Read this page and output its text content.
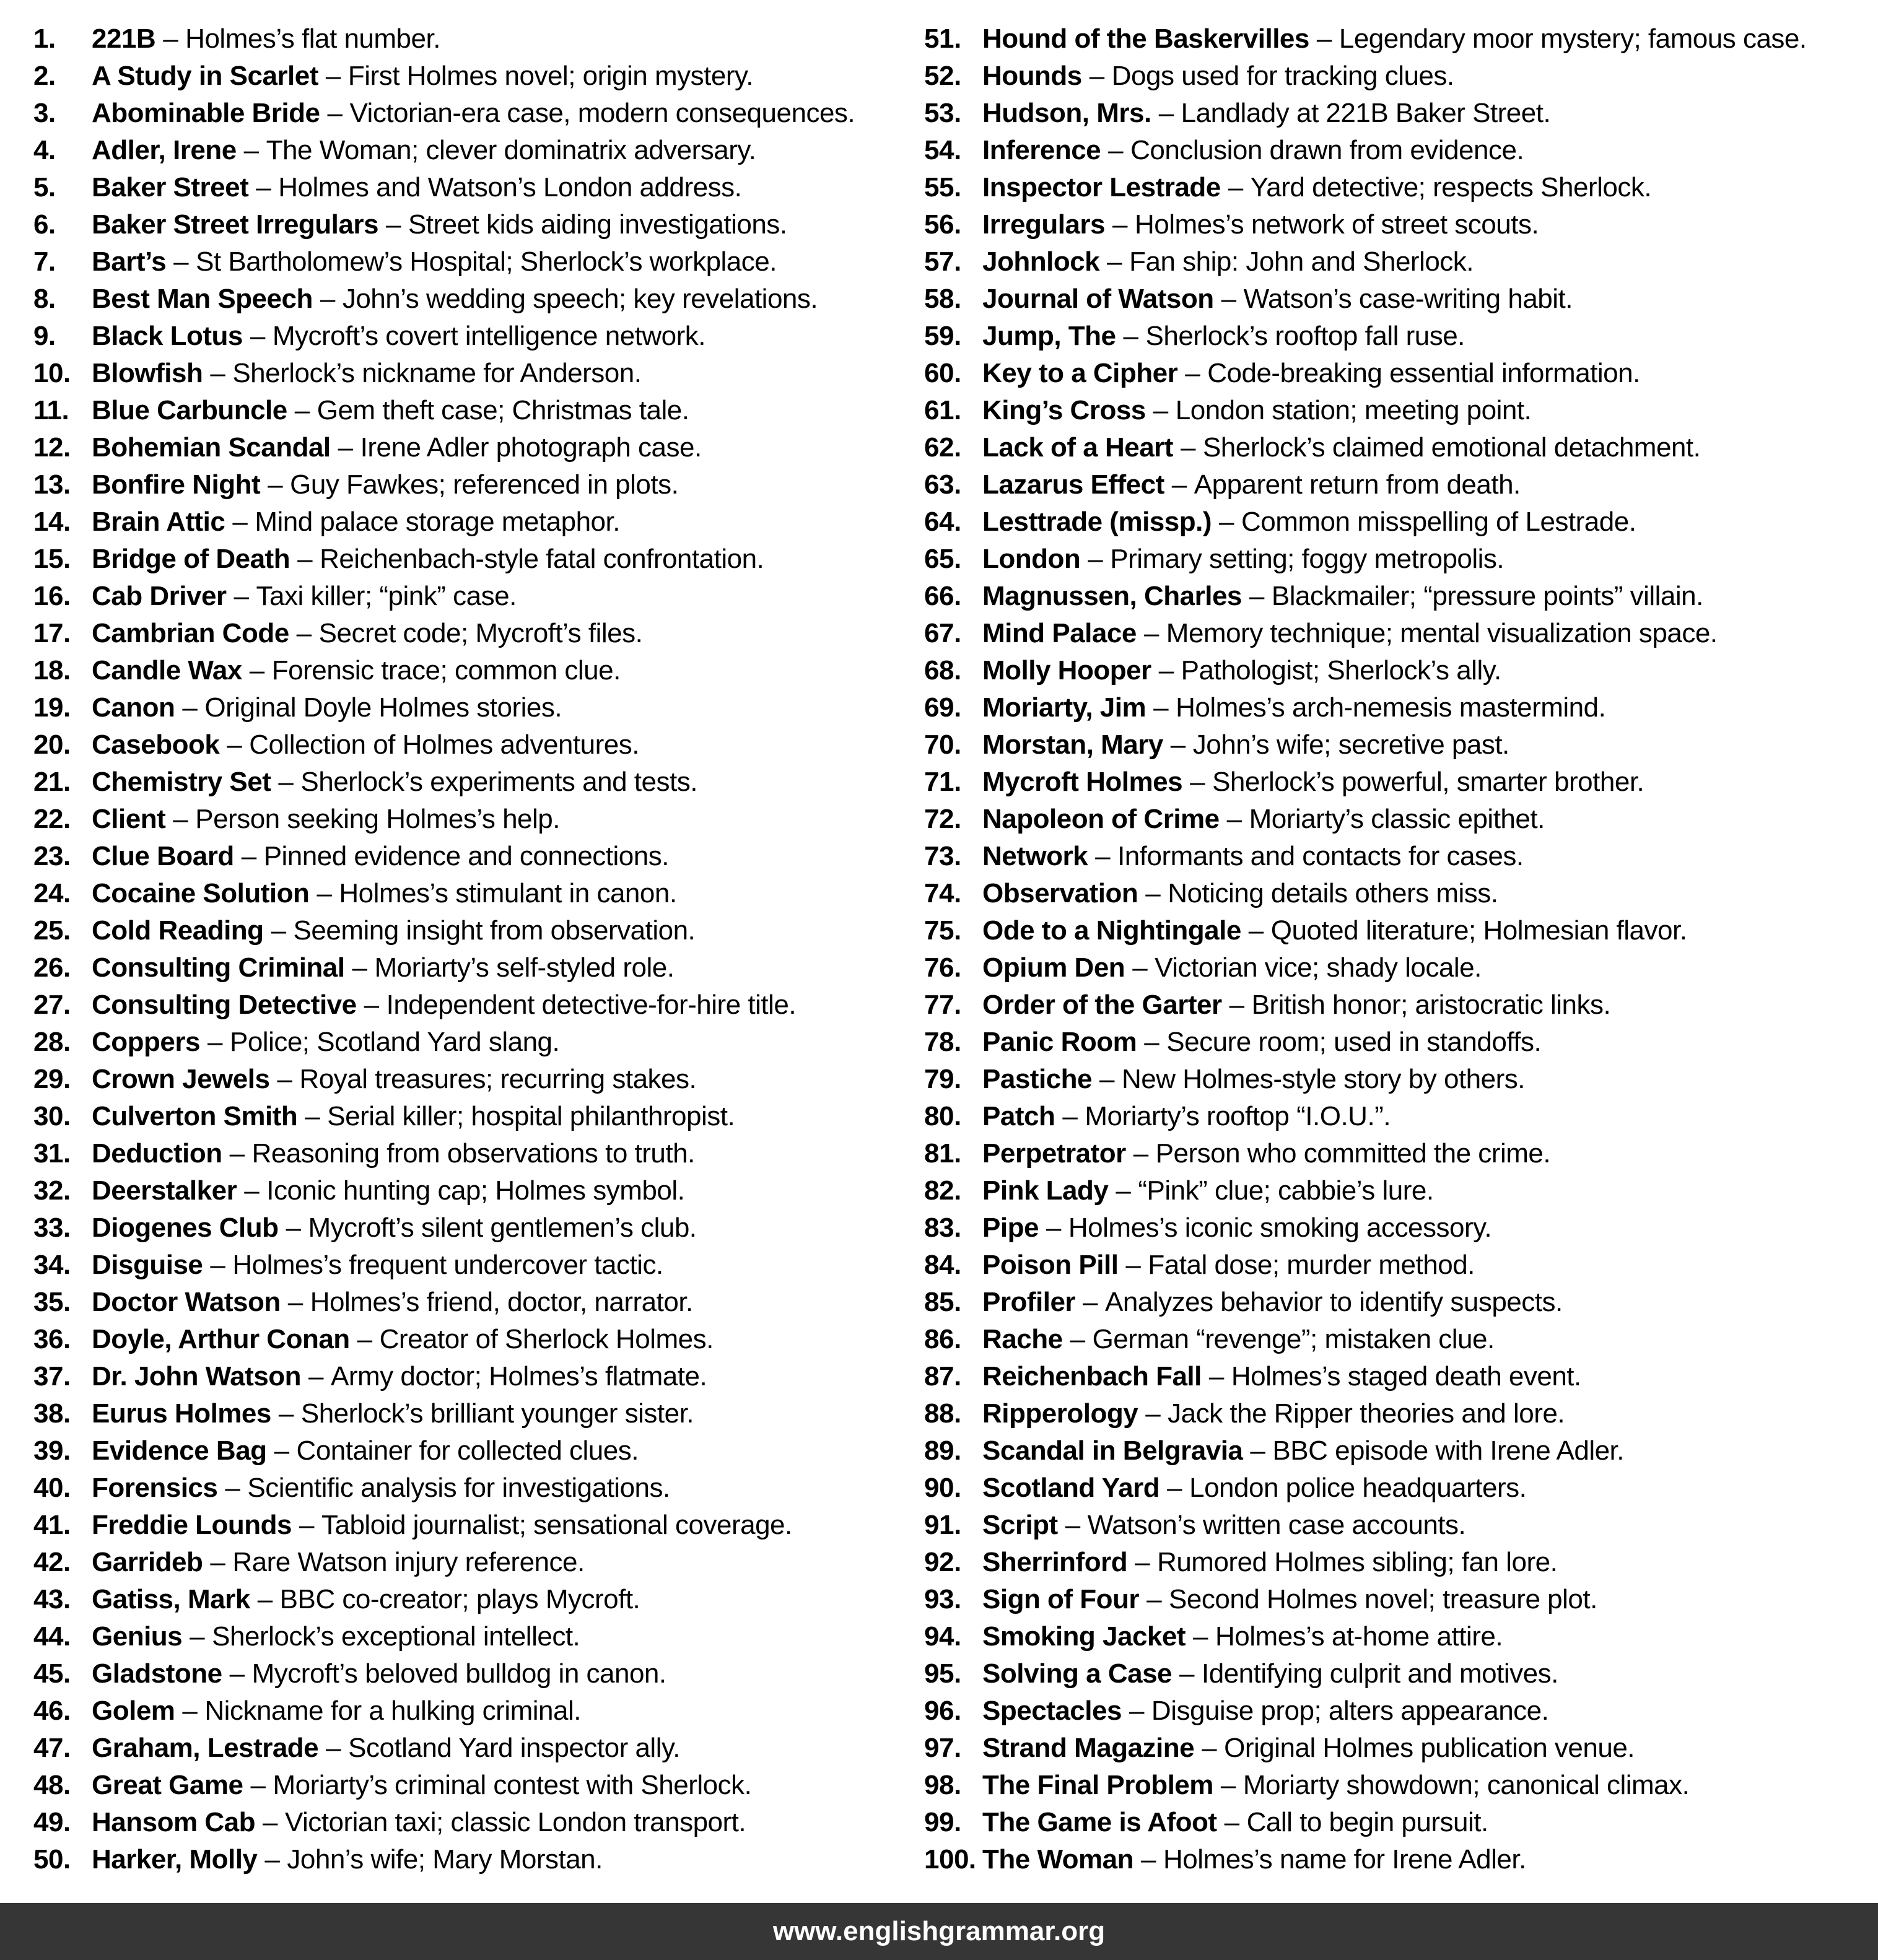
1.	221B – Holmes’s flat number.
2.	A Study in Scarlet – First Holmes novel; origin mystery.
3.	Abominable Bride – Victorian-era case, modern consequences.
4.	Adler, Irene – The Woman; clever dominatrix adversary.
5.	Baker Street – Holmes and Watson’s London address.
6.	Baker Street Irregulars – Street kids aiding investigations.
7.	Bart’s – St Bartholomew’s Hospital; Sherlock’s workplace.
8.	Best Man Speech – John’s wedding speech; key revelations.
9.	Black Lotus – Mycroft’s covert intelligence network.
10. Blowfish – Sherlock’s nickname for Anderson.
11. Blue Carbuncle – Gem theft case; Christmas tale.
12. Bohemian Scandal – Irene Adler photograph case.
13. Bonfire Night – Guy Fawkes; referenced in plots.
14. Brain Attic – Mind palace storage metaphor.
15. Bridge of Death – Reichenbach-style fatal confrontation.
16. Cab Driver – Taxi killer; “pink” case.
17. Cambrian Code – Secret code; Mycroft’s files.
18. Candle Wax – Forensic trace; common clue.
19. Canon – Original Doyle Holmes stories.
20. Casebook – Collection of Holmes adventures.
21. Chemistry Set – Sherlock’s experiments and tests.
22. Client – Person seeking Holmes’s help.
23. Clue Board – Pinned evidence and connections.
24. Cocaine Solution – Holmes’s stimulant in canon.
25. Cold Reading – Seeming insight from observation.
26. Consulting Criminal – Moriarty’s self-styled role.
27. Consulting Detective – Independent detective-for-hire title.
28. Coppers – Police; Scotland Yard slang.
29. Crown Jewels – Royal treasures; recurring stakes.
30. Culverton Smith – Serial killer; hospital philanthropist.
31. Deduction – Reasoning from observations to truth.
32. Deerstalker – Iconic hunting cap; Holmes symbol.
33. Diogenes Club – Mycroft’s silent gentlemen’s club.
34. Disguise – Holmes’s frequent undercover tactic.
35. Doctor Watson – Holmes’s friend, doctor, narrator.
36. Doyle, Arthur Conan – Creator of Sherlock Holmes.
37. Dr. John Watson – Army doctor; Holmes’s flatmate.
38. Eurus Holmes – Sherlock’s brilliant younger sister.
39. Evidence Bag – Container for collected clues.
40. Forensics – Scientific analysis for investigations.
41. Freddie Lounds – Tabloid journalist; sensational coverage.
42. Garrideb – Rare Watson injury reference.
43. Gatiss, Mark – BBC co-creator; plays Mycroft.
44. Genius – Sherlock’s exceptional intellect.
45. Gladstone – Mycroft’s beloved bulldog in canon.
46. Golem – Nickname for a hulking criminal.
47. Graham, Lestrade – Scotland Yard inspector ally.
48. Great Game – Moriarty’s criminal contest with Sherlock.
49. Hansom Cab – Victorian taxi; classic London transport.
50. Harker, Molly – John’s wife; Mary Morstan.
51. Hound of the Baskervilles – Legendary moor mystery; famous case.
52. Hounds – Dogs used for tracking clues.
53. Hudson, Mrs. – Landlady at 221B Baker Street.
54. Inference – Conclusion drawn from evidence.
55. Inspector Lestrade – Yard detective; respects Sherlock.
56. Irregulars – Holmes’s network of street scouts.
57. Johnlock – Fan ship: John and Sherlock.
58. Journal of Watson – Watson’s case-writing habit.
59. Jump, The – Sherlock’s rooftop fall ruse.
60. Key to a Cipher – Code-breaking essential information.
61. King’s Cross – London station; meeting point.
62. Lack of a Heart – Sherlock’s claimed emotional detachment.
63. Lazarus Effect – Apparent return from death.
64. Lesttrade (missp.) – Common misspelling of Lestrade.
65. London – Primary setting; foggy metropolis.
66. Magnussen, Charles – Blackmailer; “pressure points” villain.
67. Mind Palace – Memory technique; mental visualization space.
68. Molly Hooper – Pathologist; Sherlock’s ally.
69. Moriarty, Jim – Holmes’s arch-nemesis mastermind.
70. Morstan, Mary – John’s wife; secretive past.
71. Mycroft Holmes – Sherlock’s powerful, smarter brother.
72. Napoleon of Crime – Moriarty’s classic epithet.
73. Network – Informants and contacts for cases.
74. Observation – Noticing details others miss.
75. Ode to a Nightingale – Quoted literature; Holmesian flavor.
76. Opium Den – Victorian vice; shady locale.
77. Order of the Garter – British honor; aristocratic links.
78. Panic Room – Secure room; used in standoffs.
79. Pastiche – New Holmes-style story by others.
80. Patch – Moriarty’s rooftop “I.O.U.”.
81. Perpetrator – Person who committed the crime.
82. Pink Lady – “Pink” clue; cabbie’s lure.
83. Pipe – Holmes’s iconic smoking accessory.
84. Poison Pill – Fatal dose; murder method.
85. Profiler – Analyzes behavior to identify suspects.
86. Rache – German “revenge”; mistaken clue.
87. Reichenbach Fall – Holmes’s staged death event.
88. Ripperology – Jack the Ripper theories and lore.
89. Scandal in Belgravia – BBC episode with Irene Adler.
90. Scotland Yard – London police headquarters.
91. Script – Watson’s written case accounts.
92. Sherrinford – Rumored Holmes sibling; fan lore.
93. Sign of Four – Second Holmes novel; treasure plot.
94. Smoking Jacket – Holmes’s at-home attire.
95. Solving a Case – Identifying culprit and motives.
96. Spectacles – Disguise prop; alters appearance.
97. Strand Magazine – Original Holmes publication venue.
98. The Final Problem – Moriarty showdown; canonical climax.
99. The Game is Afoot – Call to begin pursuit.
100. The Woman – Holmes’s name for Irene Adler.
www.englishgrammar.org
